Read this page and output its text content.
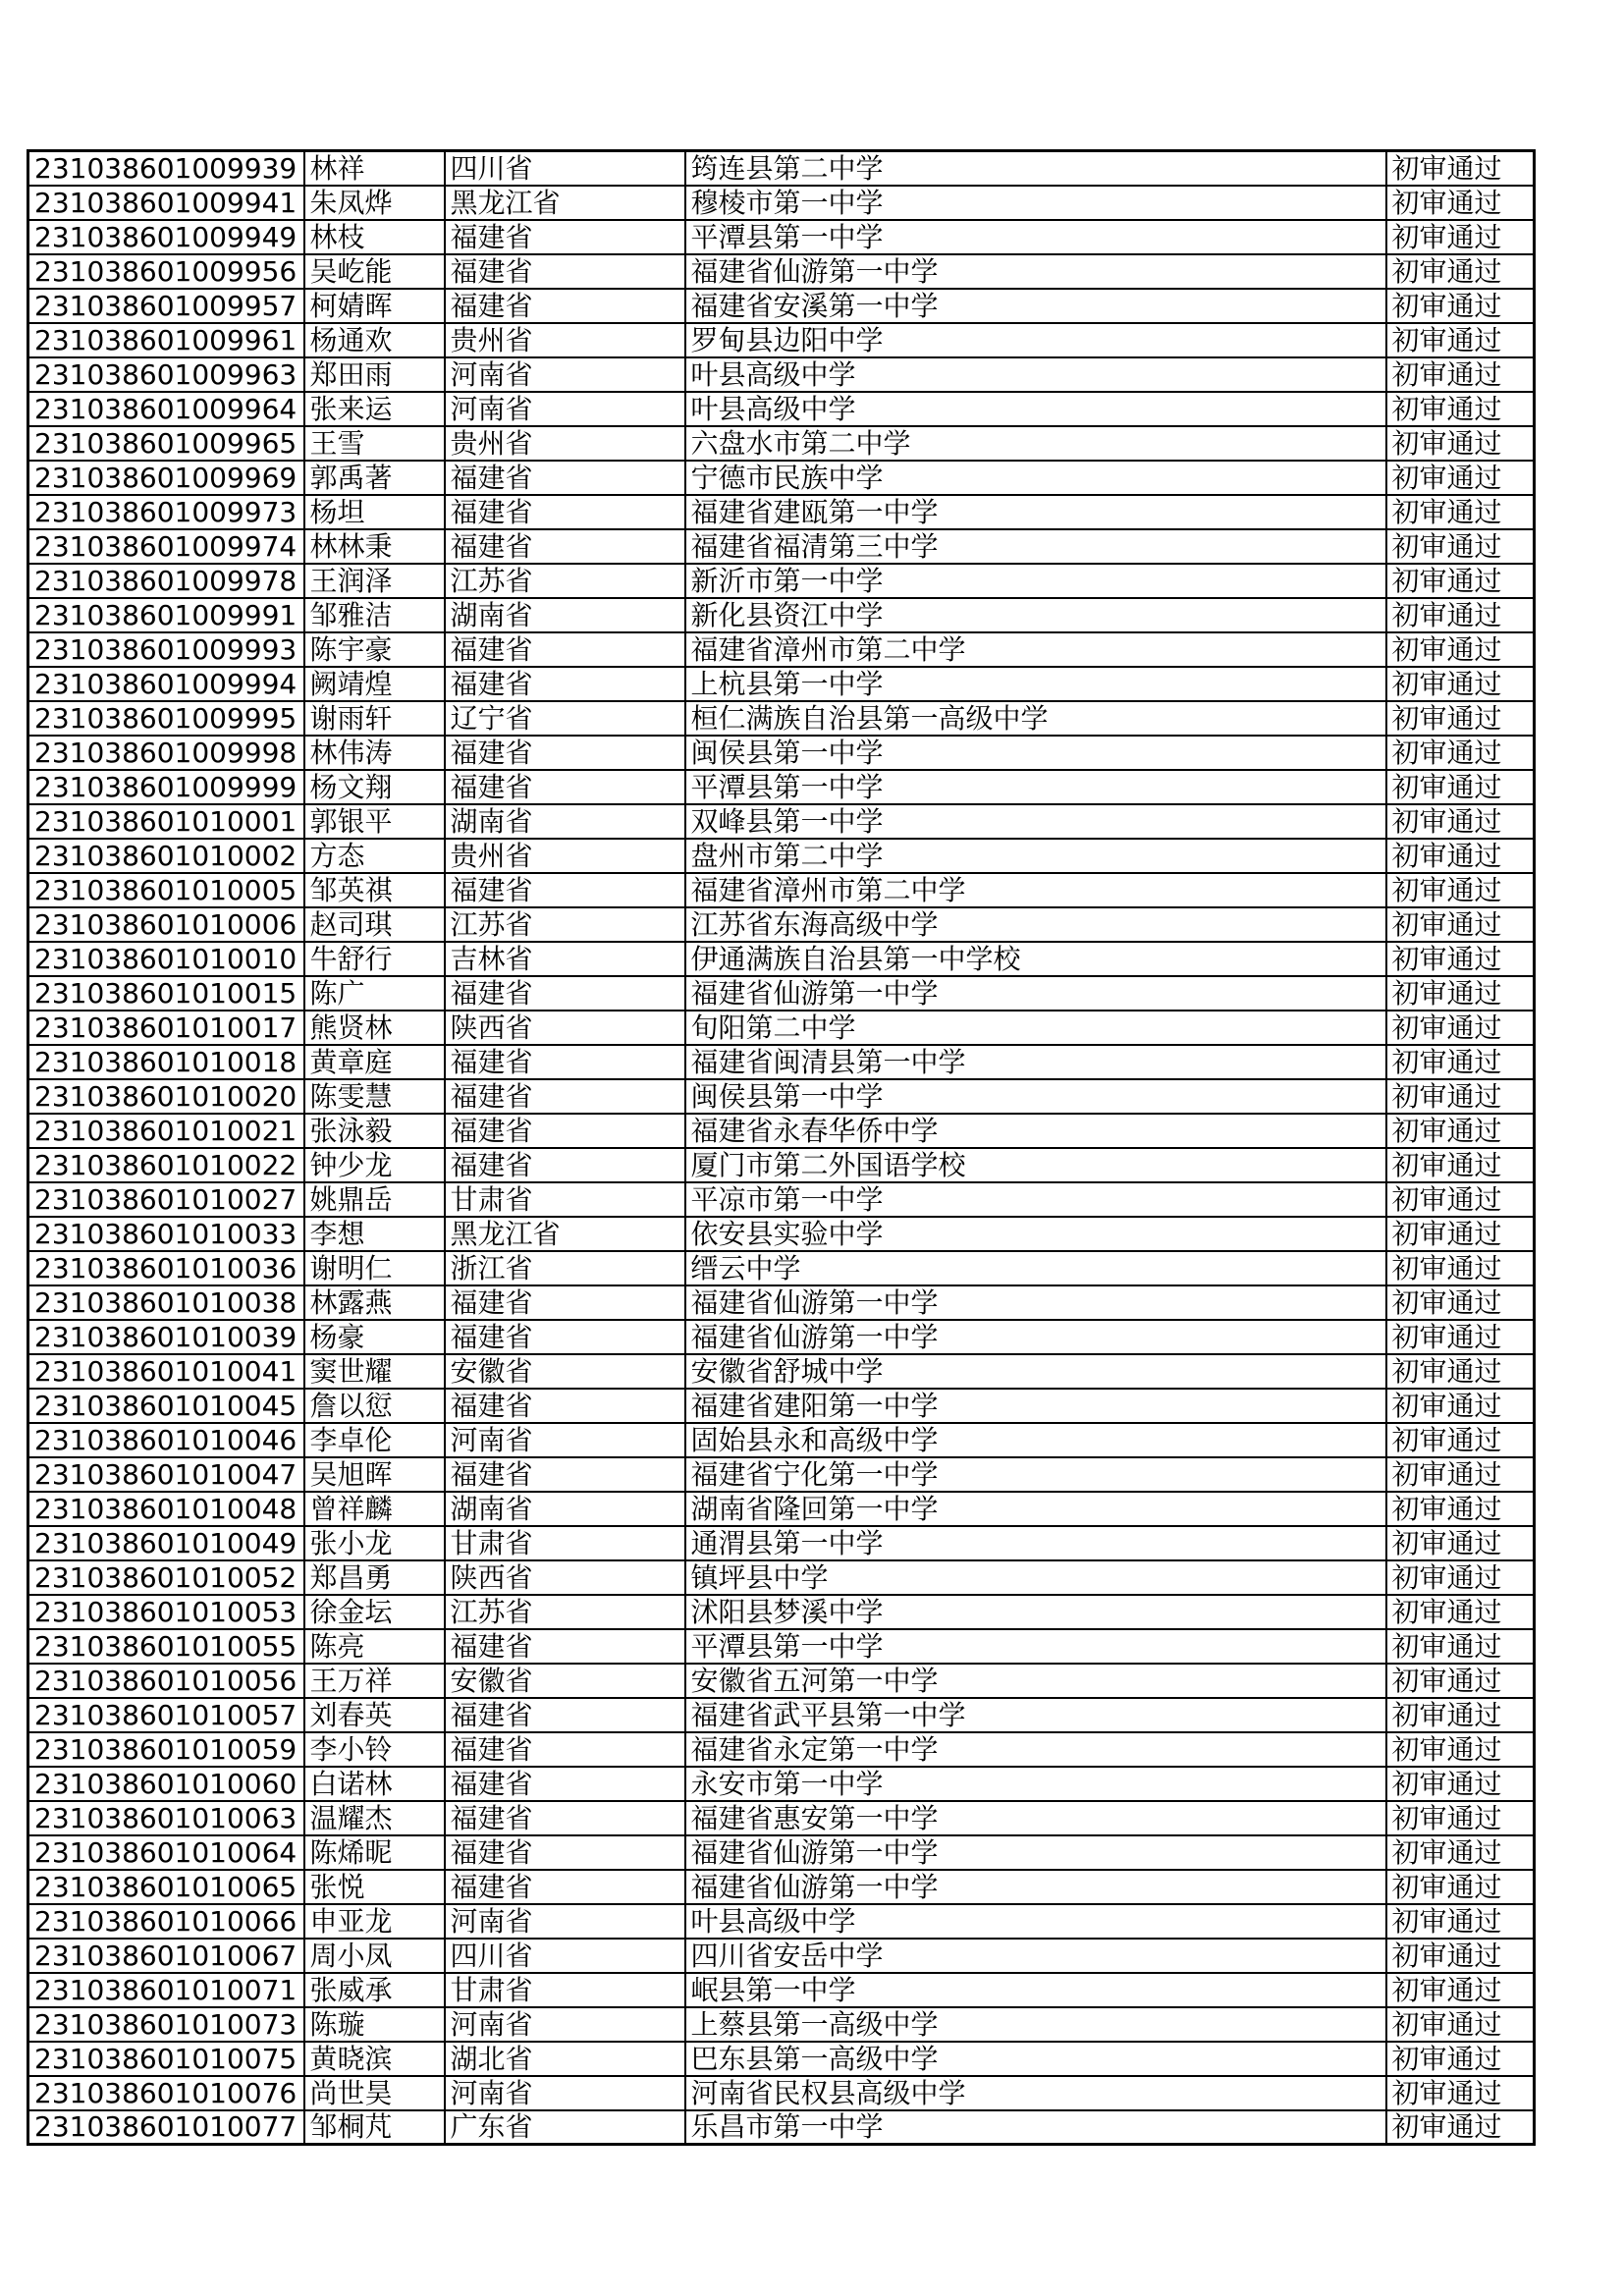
231038601009939	林祥	四川省	筠连县第二中学	初审通过
231038601009941	朱凤烨	黑龙江省	穆棱市第一中学	初审通过
231038601009949	林枝	福建省	平潭县第一中学	初审通过
231038601009956	吴屹能	福建省	福建省仙游第一中学	初审通过
231038601009957	柯婧晖	福建省	福建省安溪第一中学	初审通过
231038601009961	杨通欢	贵州省	罗甸县边阳中学	初审通过
231038601009963	郑田雨	河南省	叶县高级中学	初审通过
231038601009964	张来运	河南省	叶县高级中学	初审通过
231038601009965	王雪	贵州省	六盘水市第二中学	初审通过
231038601009969	郭禹著	福建省	宁德市民族中学	初审通过
231038601009973	杨坦	福建省	福建省建瓯第一中学	初审通过
231038601009974	林林秉	福建省	福建省福清第三中学	初审通过
231038601009978	王润泽	江苏省	新沂市第一中学	初审通过
231038601009991	邹雅洁	湖南省	新化县资江中学	初审通过
231038601009993	陈宇豪	福建省	福建省漳州市第二中学	初审通过
231038601009994	阙靖煌	福建省	上杭县第一中学	初审通过
231038601009995	谢雨轩	辽宁省	桓仁满族自治县第一高级中学	初审通过
231038601009998	林伟涛	福建省	闽侯县第一中学	初审通过
231038601009999	杨文翔	福建省	平潭县第一中学	初审通过
231038601010001	郭银平	湖南省	双峰县第一中学	初审通过
231038601010002	方态	贵州省	盘州市第二中学	初审通过
231038601010005	邹英祺	福建省	福建省漳州市第二中学	初审通过
231038601010006	赵司琪	江苏省	江苏省东海高级中学	初审通过
231038601010010	牛舒行	吉林省	伊通满族自治县第一中学校	初审通过
231038601010015	陈广	福建省	福建省仙游第一中学	初审通过
231038601010017	熊贤林	陕西省	旬阳第二中学	初审通过
231038601010018	黄章庭	福建省	福建省闽清县第一中学	初审通过
231038601010020	陈雯慧	福建省	闽侯县第一中学	初审通过
231038601010021	张泳毅	福建省	福建省永春华侨中学	初审通过
231038601010022	钟少龙	福建省	厦门市第二外国语学校	初审通过
231038601010027	姚鼎岳	甘肃省	平凉市第一中学	初审通过
231038601010033	李想	黑龙江省	依安县实验中学	初审通过
231038601010036	谢明仁	浙江省	缙云中学	初审通过
231038601010038	林露燕	福建省	福建省仙游第一中学	初审通过
231038601010039	杨豪	福建省	福建省仙游第一中学	初审通过
231038601010041	窦世耀	安徽省	安徽省舒城中学	初审通过
231038601010045	詹以愆	福建省	福建省建阳第一中学	初审通过
231038601010046	李卓伦	河南省	固始县永和高级中学	初审通过
231038601010047	吴旭晖	福建省	福建省宁化第一中学	初审通过
231038601010048	曾祥麟	湖南省	湖南省隆回第一中学	初审通过
231038601010049	张小龙	甘肃省	通渭县第一中学	初审通过
231038601010052	郑昌勇	陕西省	镇坪县中学	初审通过
231038601010053	徐金坛	江苏省	沭阳县梦溪中学	初审通过
231038601010055	陈亮	福建省	平潭县第一中学	初审通过
231038601010056	王万祥	安徽省	安徽省五河第一中学	初审通过
231038601010057	刘春英	福建省	福建省武平县第一中学	初审通过
231038601010059	李小铃	福建省	福建省永定第一中学	初审通过
231038601010060	白诺林	福建省	永安市第一中学	初审通过
231038601010063	温耀杰	福建省	福建省惠安第一中学	初审通过
231038601010064	陈烯昵	福建省	福建省仙游第一中学	初审通过
231038601010065	张悦	福建省	福建省仙游第一中学	初审通过
231038601010066	申亚龙	河南省	叶县高级中学	初审通过
231038601010067	周小凤	四川省	四川省安岳中学	初审通过
231038601010071	张威承	甘肃省	岷县第一中学	初审通过
231038601010073	陈璇	河南省	上蔡县第一高级中学	初审通过
231038601010075	黄晓滨	湖北省	巴东县第一高级中学	初审通过
231038601010076	尚世昊	河南省	河南省民权县高级中学	初审通过
231038601010077	邹桐芃	广东省	乐昌市第一中学	初审通过
